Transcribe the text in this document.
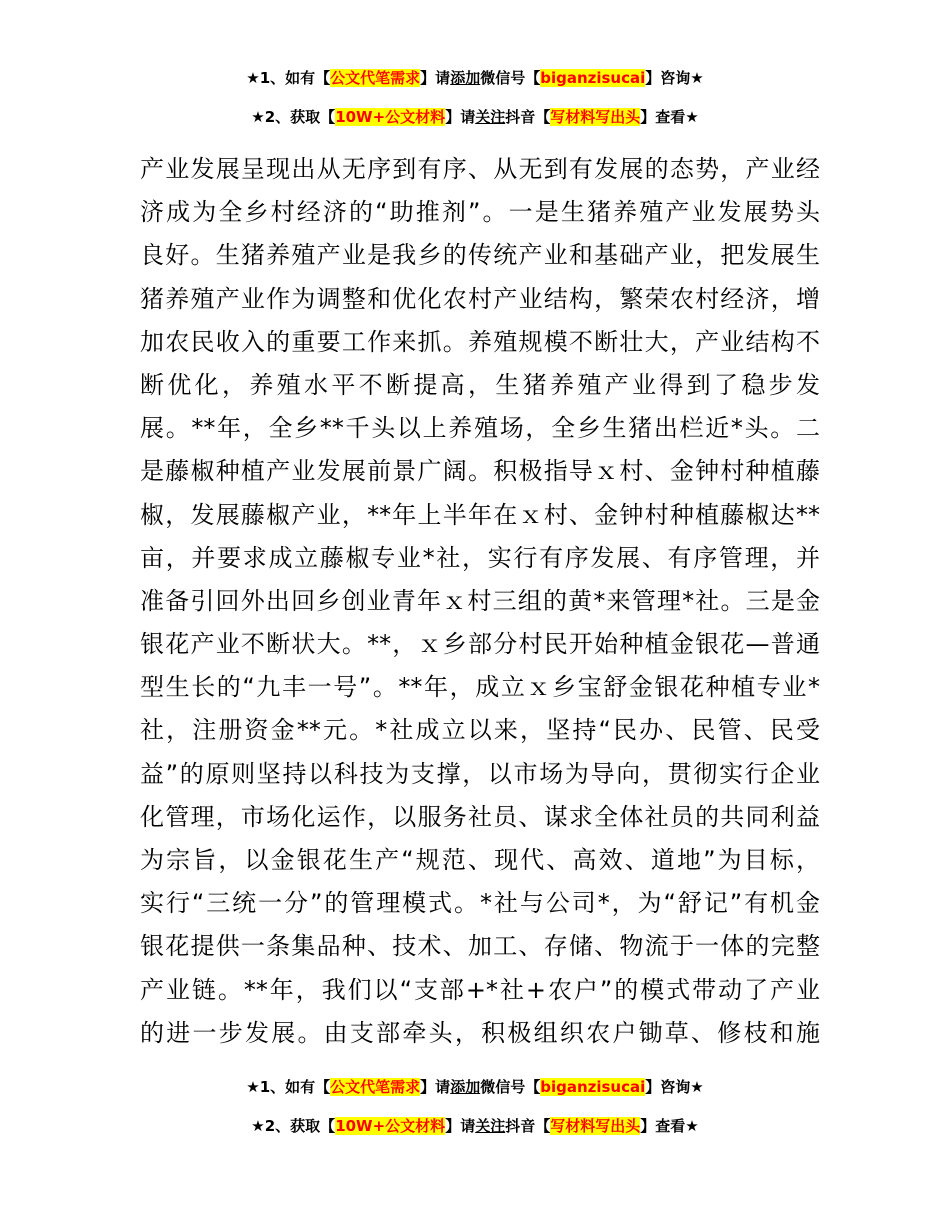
★1、如有【公文代笔需求】请添加微信号【biganzisucai】咨询★
★2、获取【10W+公文材料】请关注抖音【写材料写出头】查看★
产业发展呈现出从无序到有序、从无到有发展的态势，产业经
济成为全乡村经济的“助推剂”。一是生猪养殖产业发展势头
良好。生猪养殖产业是我乡的传统产业和基础产业，把发展生
猪养殖产业作为调整和优化农村产业结构，繁荣农村经济，增
加农民收入的重要工作来抓。养殖规模不断壮大，产业结构不
断优化，养殖水平不断提高，生猪养殖产业得到了稳步发
展。**年，全乡**千头以上养殖场，全乡生猪出栏近*头。二
是藤椒种植产业发展前景广阔。积极指导ｘ村、金钟村种植藤
椒，发展藤椒产业，**年上半年在ｘ村、金钟村种植藤椒达**
亩，并要求成立藤椒专业*社，实行有序发展、有序管理，并
准备引回外出回乡创业青年ｘ村三组的黄*来管理*社。三是金
银花产业不断状大。**，ｘ乡部分村民开始种植金银花—普通
型生长的“九丰一号”。**年，成立ｘ乡宝舒金银花种植专业*
社，注册资金**元。*社成立以来，坚持“民办、民管、民受
益”的原则坚持以科技为支撑，以市场为导向，贯彻实行企业
化管理，市场化运作，以服务社员、谋求全体社员的共同利益
为宗旨，以金银花生产“规范、现代、高效、道地”为目标，
实行“三统一分”的管理模式。*社与公司*，为“舒记”有机金
银花提供一条集品种、技术、加工、存储、物流于一体的完整
产业链。**年，我们以“支部+*社+农户”的模式带动了产业
的进一步发展。由支部牵头，积极组织农户锄草、修枝和施
★1、如有【公文代笔需求】请添加微信号【biganzisucai】咨询★
★2、获取【10W+公文材料】请关注抖音【写材料写出头】查看★
